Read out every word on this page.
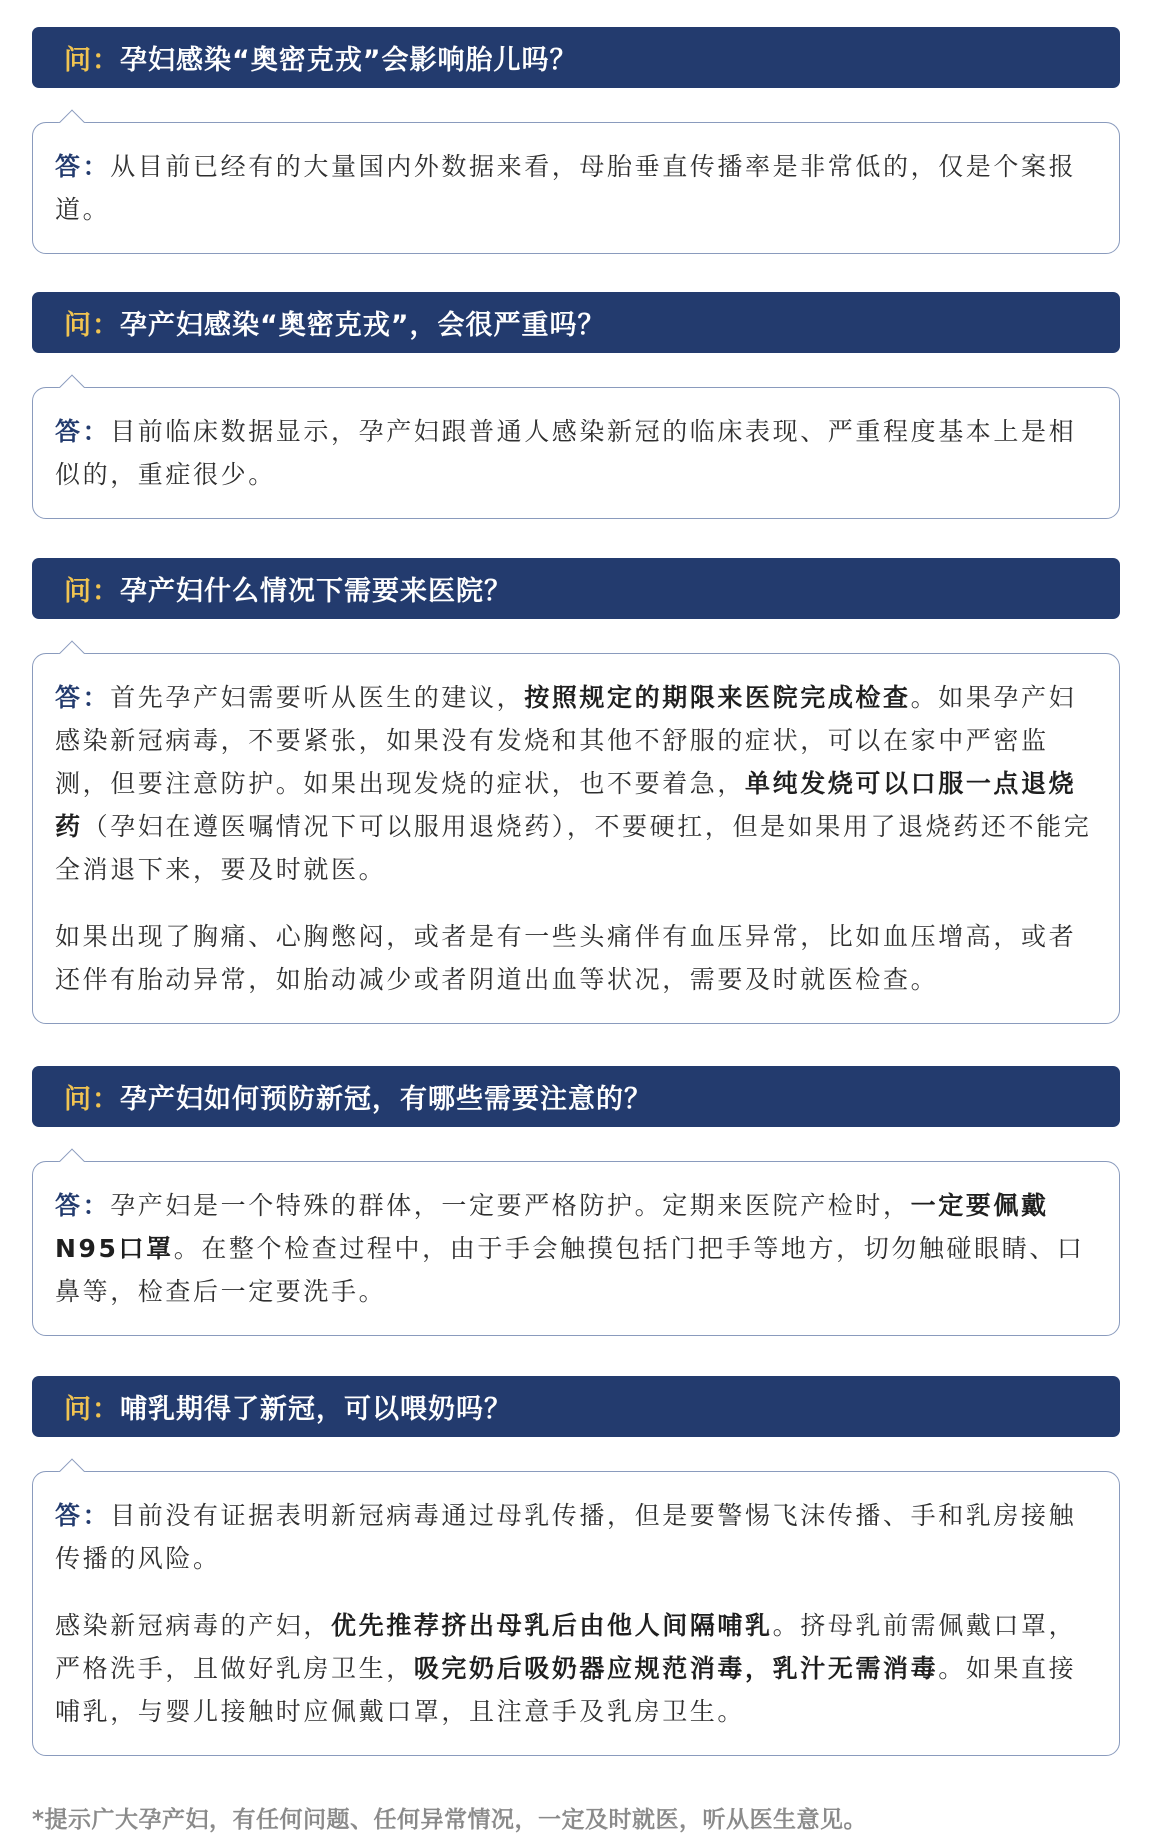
问： 孕妇感染“奥密克戎”会影响胎儿吗？

答：从目前已经有的大量国内外数据来看，母胎垂直传播率是非常低的，仅是个案报道。

问： 孕产妇感染“奥密克戎”，会很严重吗？

答：目前临床数据显示，孕产妇跟普通人感染新冠的临床表现、严重程度基本上是相似的，重症很少。

问： 孕产妇什么情况下需要来医院？

答：首先孕产妇需要听从医生的建议，按照规定的期限来医院完成检查。如果孕产妇感染新冠病毒，不要紧张，如果没有发烧和其他不舒服的症状，可以在家中严密监测，但要注意防护。如果出现发烧的症状，也不要着急，单纯发烧可以口服一点退烧药（孕妇在遵医嘱情况下可以服用退烧药），不要硬扛，但是如果用了退烧药还不能完全消退下来，要及时就医。

如果出现了胸痛、心胸憋闷，或者是有一些头痛伴有血压异常，比如血压增高，或者还伴有胎动异常，如胎动减少或者阴道出血等状况，需要及时就医检查。

问： 孕产妇如何预防新冠，有哪些需要注意的？

答：孕产妇是一个特殊的群体，一定要严格防护。定期来医院产检时，一定要佩戴N95口罩。在整个检查过程中，由于手会触摸包括门把手等地方，切勿触碰眼睛、口鼻等，检查后一定要洗手。

问： 哺乳期得了新冠，可以喂奶吗？

答：目前没有证据表明新冠病毒通过母乳传播，但是要警惕飞沫传播、手和乳房接触传播的风险。

感染新冠病毒的产妇，优先推荐挤出母乳后由他人间隔哺乳。挤母乳前需佩戴口罩，严格洗手，且做好乳房卫生，吸完奶后吸奶器应规范消毒，乳汁无需消毒。如果直接哺乳，与婴儿接触时应佩戴口罩，且注意手及乳房卫生。

*提示广大孕产妇，有任何问题、任何异常情况，一定及时就医，听从医生意见。
